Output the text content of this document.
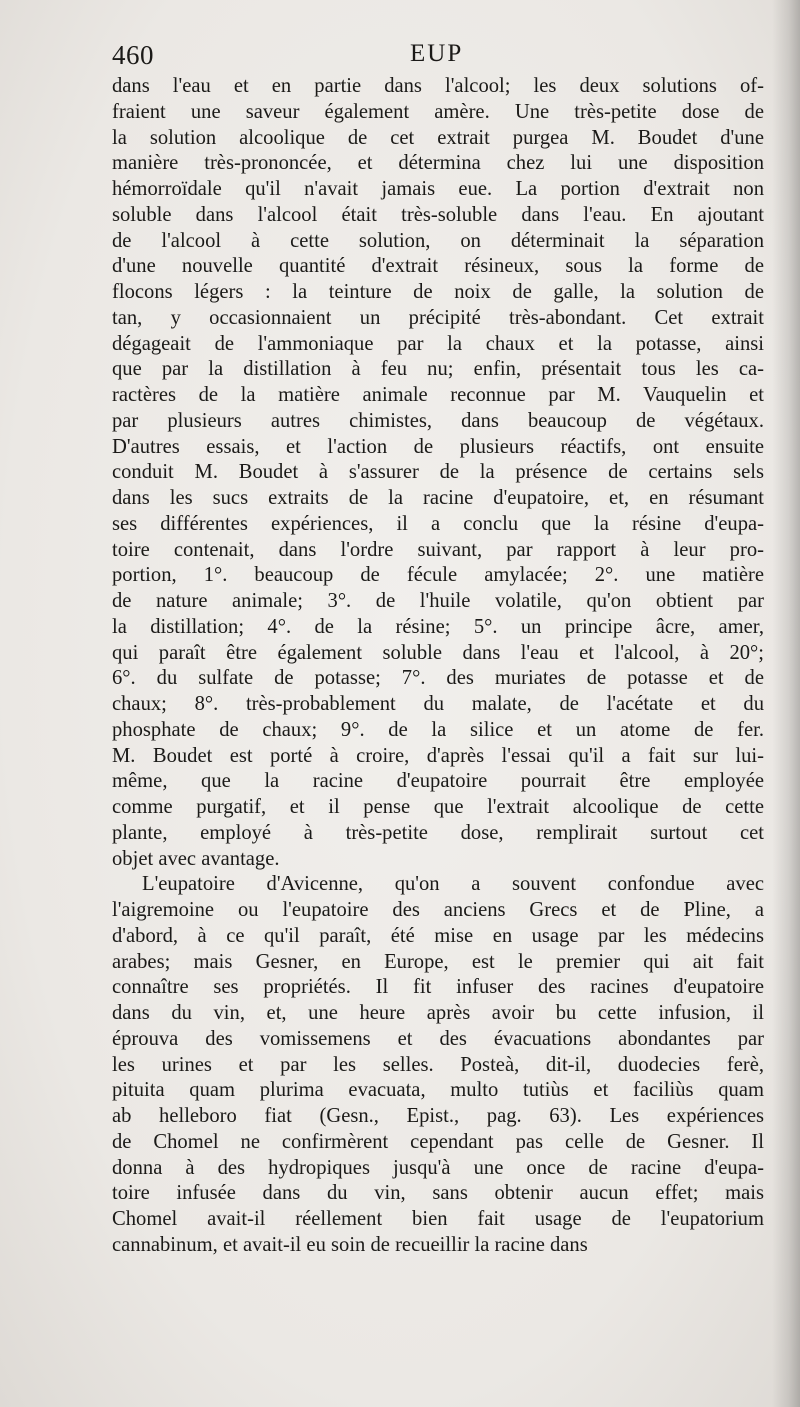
460	EUP
dans l'eau et en partie dans l'alcool; les deux solutions of-
fraient une saveur également amère. Une très-petite dose de
la solution alcoolique de cet extrait purgea M. Boudet d'une
manière très-prononcée, et détermina chez lui une disposition
hémorroïdale qu'il n'avait jamais eue. La portion d'extrait non
soluble dans l'alcool était très-soluble dans l'eau. En ajoutant
de l'alcool à cette solution, on déterminait la séparation
d'une nouvelle quantité d'extrait résineux, sous la forme de
flocons légers : la teinture de noix de galle, la solution de
tan, y occasionnaient un précipité très-abondant. Cet extrait
dégageait de l'ammoniaque par la chaux et la potasse, ainsi
que par la distillation à feu nu; enfin, présentait tous les ca-
ractères de la matière animale reconnue par M. Vauquelin et
par plusieurs autres chimistes, dans beaucoup de végétaux.
D'autres essais, et l'action de plusieurs réactifs, ont ensuite
conduit M. Boudet à s'assurer de la présence de certains sels
dans les sucs extraits de la racine d'eupatoire, et, en résumant
ses différentes expériences, il a conclu que la résine d'eupa-
toire contenait, dans l'ordre suivant, par rapport à leur pro-
portion, 1°. beaucoup de fécule amylacée; 2°. une matière
de nature animale; 3°. de l'huile volatile, qu'on obtient par
la distillation; 4°. de la résine; 5°. un principe âcre, amer,
qui paraît être également soluble dans l'eau et l'alcool, à 20°;
6°. du sulfate de potasse; 7°. des muriates de potasse et de
chaux; 8°. très-probablement du malate, de l'acétate et du
phosphate de chaux; 9°. de la silice et un atome de fer.
M. Boudet est porté à croire, d'après l'essai qu'il a fait sur lui-
même, que la racine d'eupatoire pourrait être employée
comme purgatif, et il pense que l'extrait alcoolique de cette
plante, employé à très-petite dose, remplirait surtout cet
objet avec avantage.
L'eupatoire d'Avicenne, qu'on a souvent confondue avec
l'aigremoine ou l'eupatoire des anciens Grecs et de Pline, a
d'abord, à ce qu'il paraît, été mise en usage par les médecins
arabes; mais Gesner, en Europe, est le premier qui ait fait
connaître ses propriétés. Il fit infuser des racines d'eupatoire
dans du vin, et, une heure après avoir bu cette infusion, il
éprouva des vomissemens et des évacuations abondantes par
les urines et par les selles. Posteà, dit-il, duodecies ferè,
pituita quam plurima evacuata, multo tutiùs et faciliùs quam
ab helleboro fiat (Gesn., Epist., pag. 63). Les expériences
de Chomel ne confirmèrent cependant pas celle de Gesner. Il
donna à des hydropiques jusqu'à une once de racine d'eupa-
toire infusée dans du vin, sans obtenir aucun effet; mais
Chomel avait-il réellement bien fait usage de l'eupatorium
cannabinum, et avait-il eu soin de recueillir la racine dans
